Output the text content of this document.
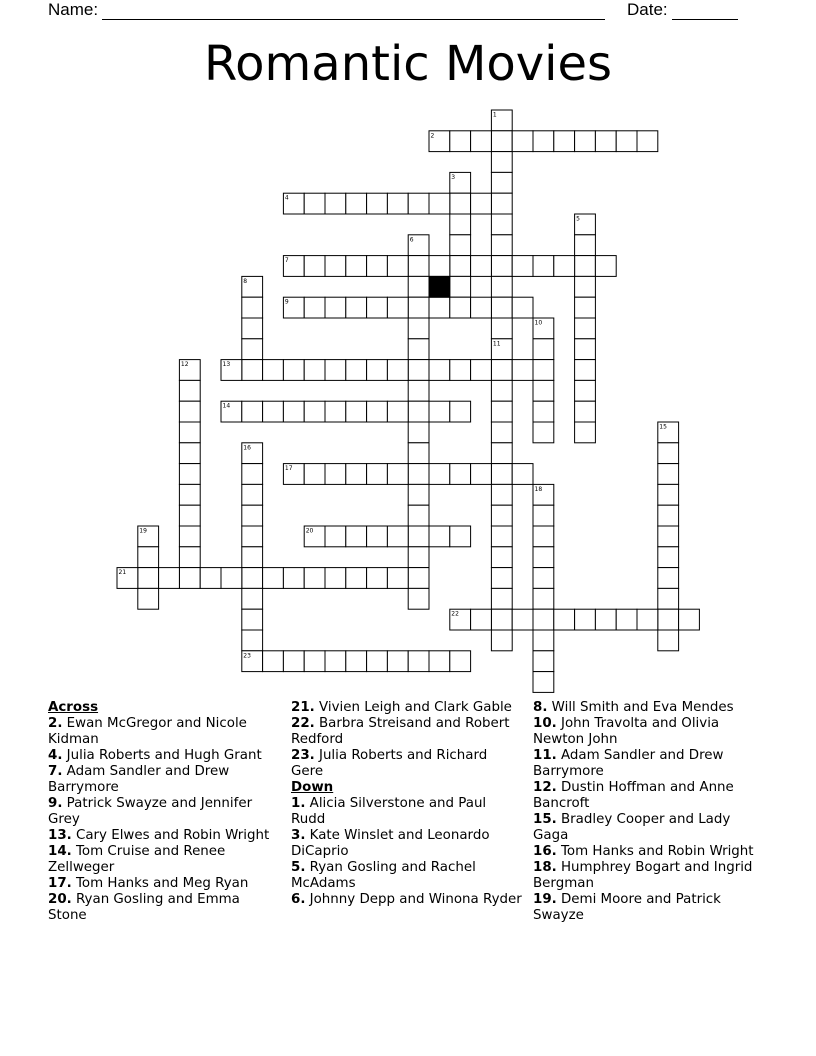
Name:	Date:
Romantic Movies
1
2
3
4
5
6
7
8
9
10
11
12	13
14
15
16
17
18
19	20
21
22
23
Across
2. Ewan McGregor and Nicole Kidman
4. Julia Roberts and Hugh Grant
7. Adam Sandler and Drew Barrymore
9. Patrick Swayze and Jennifer Grey
13. Cary Elwes and Robin Wright
14. Tom Cruise and Renee Zellweger
17. Tom Hanks and Meg Ryan
20. Ryan Gosling and Emma Stone
21. Vivien Leigh and Clark Gable
22. Barbra Streisand and Robert Redford
23. Julia Roberts and Richard Gere
Down
1. Alicia Silverstone and Paul Rudd
3. Kate Winslet and Leonardo DiCaprio
5. Ryan Gosling and Rachel McAdams
6. Johnny Depp and Winona Ryder
8. Will Smith and Eva Mendes
10. John Travolta and Olivia Newton John
11. Adam Sandler and Drew Barrymore
12. Dustin Hoffman and Anne Bancroft
15. Bradley Cooper and Lady Gaga
16. Tom Hanks and Robin Wright
18. Humphrey Bogart and Ingrid Bergman
19. Demi Moore and Patrick Swayze
